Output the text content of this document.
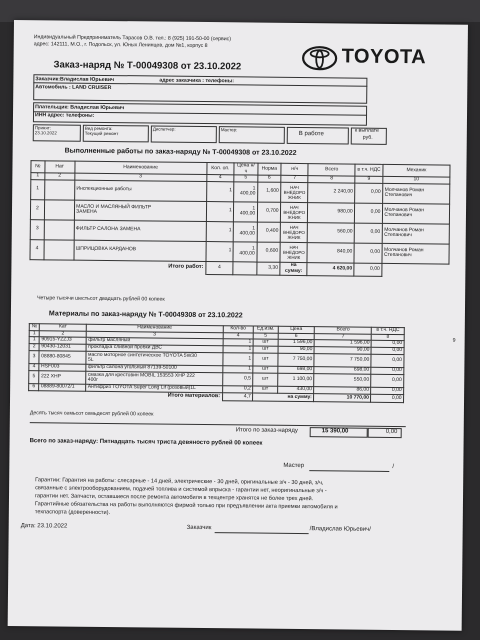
Индивидуальный Предприниматель Тарасов О.В. тел.: 8 (925) 191-50-00 (сервис)
адрес: 142111, М.О., г. Подольск, ул. Юных Ленинцев, дом №1, корпус 8
TOYOTA
Заказ-наряд № Т-00049308 от 23.10.2022
Заказчик:Владислав Юрьевич	адрес заказчика : телефоны:
Автомобиль : LAND CRUISER
Плательщик: Владислав Юрьевич
ИНН адрес: телефоны:
Принят:
23.10.2022
Вид ремонта:
Текущий ремонт
Диспетчер:	Мастер:
В работе
к выплате
руб.
Выполненные работы по заказ-наряду № Т-00049308 от 23.10.2022
№	Нат	Наименование	Кол. оп.	Цена н/ч	Норма	н/ч	Всего	в т.ч. НДС	Механик
1	2	3	4	5	6	7	8	9	10
1		Инспекционные работы	1	1 400,00	1,600	НАЧ
ВНЕДОРО
ЖНИК	2 240,00	0,00	Молчанов Роман
Степанович
2		МАСЛО И МАСЛЯНЫЙ ФИЛЬТР
ЗАМЕНА	1	1 400,00	0,700	НАЧ
ВНЕДОРО
ЖНИК	980,00	0,00	Молчанов Роман
Степанович
3		ФИЛЬТР САЛОНА ЗАМЕНА	1	1 400,00	0,400	НАЧ
ВНЕДОРО
ЖНИК	560,00	0,00	Молчанов Роман
Степанович
4		ШПРИЦОВКА КАРДАНОВ	1	1 400,00	0,600	НАЧ
ВНЕДОРО
ЖНИК	840,00	0,00	Молчанов Роман
Степанович
Итого работ:			4		3,30	на
сумму:	4 620,00	0,00	
Четыре тысячи шестьсот двадцать рублей 00 копеек
Материалы по заказ-наряду № Т-00049308 от 23.10.2022
№	Кат	Наименование	Кол-во	Ед.изм.	Цена	Всего	в т.ч. НДС
1	2	3	4	5	6	7	8
1	90915-YZZJ3	фильтр масляный	1	шт	1 596,00	1 596,00	0,00
2	90430-12031	прокладка сливной пробки ДВС	1	шт	90,00	90,00	0,00
3	08880-80845	масло моторное синтетическое TOYOTA 5W30
5L	1	шт	7 750,00	7 750,00	0,00
4	HSF003	фильтр салона угольный 87139-50100	1	шт	698,00	698,00	0,00
5	222 XHP	смазка для крестовин MOBIL 153553 XHP 222
400г	0,5	шт	1 100,00	550,00	0,00
6	08889-80072/1	Антифриз TOYOTA Super Long Lif (розовый)1L	0,2	шт	430,00	86,00	0,00
Итого материалов:			4,7	на сумму:		10 770,00	0,00
9
Десять тысяч семьсот семьдесят рублей 00 копеек
Итого по заказ-наряду	15 390,00	0,00
Всего по заказ-наряду: Пятнадцать тысяч триста девяносто рублей 00 копеек
Мастер	/
Гарантии: Гарантия на работы: слесарные - 14 дней, электрические - 30 дней, оригинальные з/ч - 30 дней, з/ч,
связанные с электрооборудованием, подачей топлива и системой впрыска - гарантии нет, неоригинальные з/ч -
гарантии нет. Запчасти, оставшиеся после ремонта автомобиля в техцентре хранятся не более трех дней.
Гарантийные обязательства на работы выполняются фирмой только при предъявлении акта приемки автомобиля и
техпаспорта (доверенности).
Дата: 23.10.2022	Заказчик	/Владислав Юрьевич/
